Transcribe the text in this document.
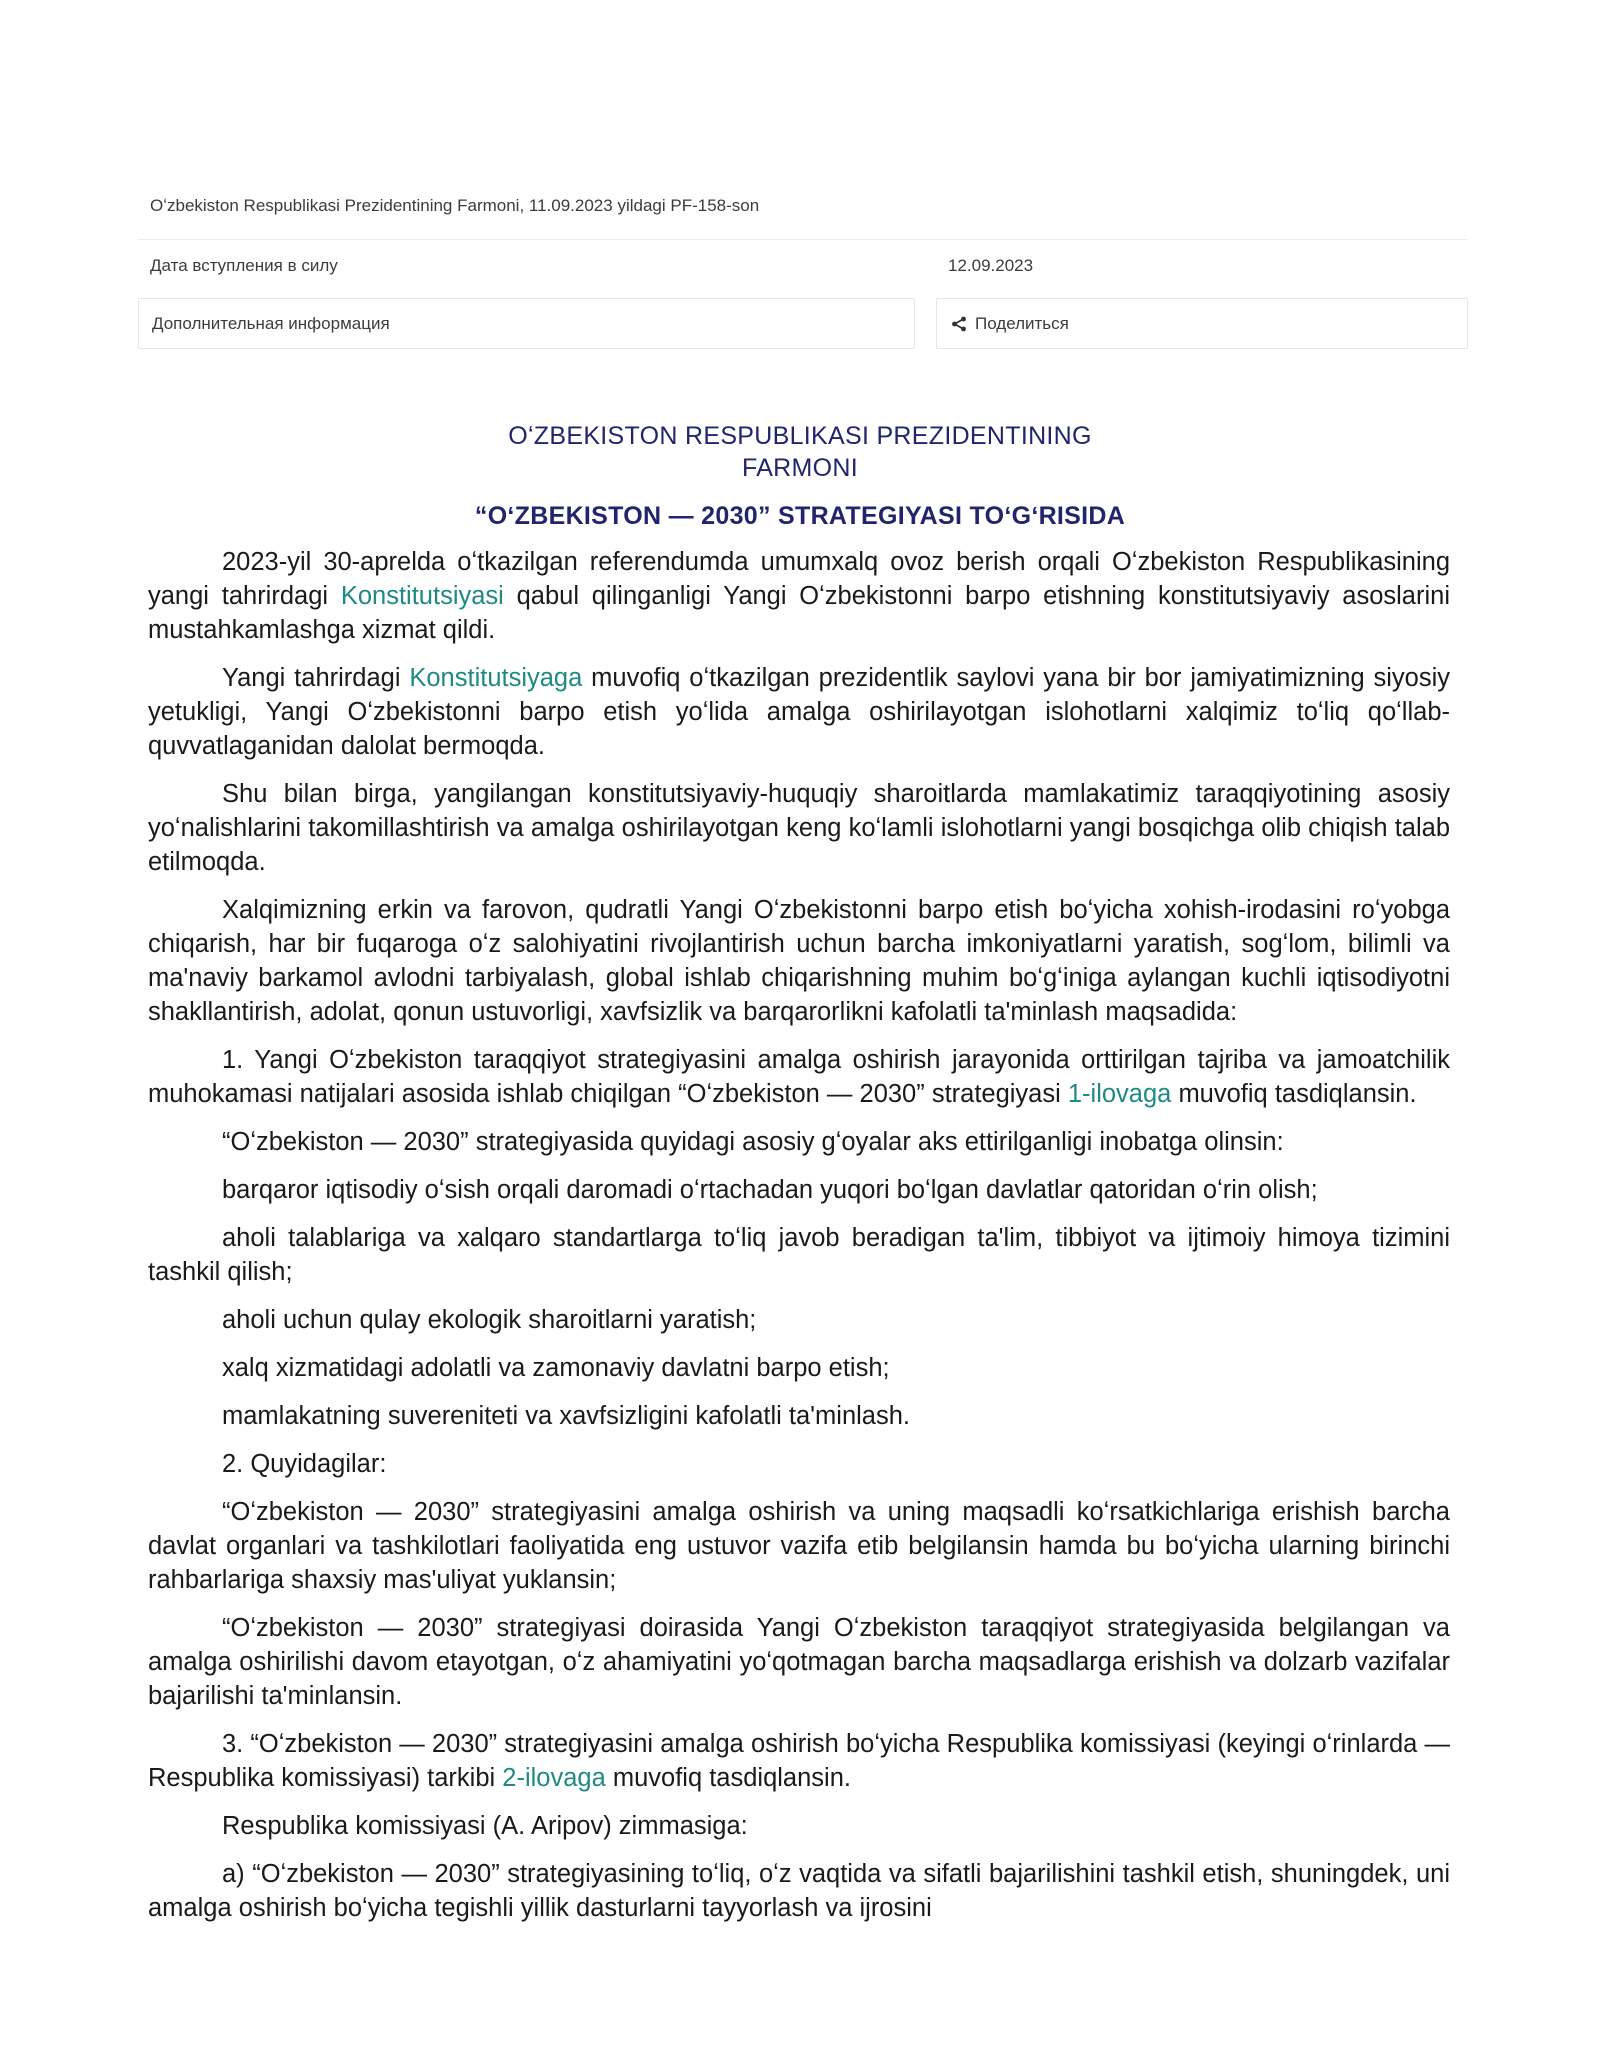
Oʻzbekiston Respublikasi Prezidentining Farmoni, 11.09.2023 yildagi PF-158-son
Дата вступления в силу	12.09.2023
Дополнительная информация	Поделиться
OʻZBEKISTON RESPUBLIKASI PREZIDENTINING
FARMONI
“OʻZBEKISTON — 2030” STRATEGIYASI TOʻGʻRISIDA

2023-yil 30-aprelda oʻtkazilgan referendumda umumxalq ovoz berish orqali Oʻzbekiston Respublikasining yangi tahrirdagi Konstitutsiyasi qabul qilinganligi Yangi Oʻzbekistonni barpo etishning konstitutsiyaviy asoslarini mustahkamlashga xizmat qildi.

Yangi tahrirdagi Konstitutsiyaga muvofiq oʻtkazilgan prezidentlik saylovi yana bir bor jamiyatimizning siyosiy yetukligi, Yangi Oʻzbekistonni barpo etish yoʻlida amalga oshirilayotgan islohotlarni xalqimiz toʻliq qoʻllab-quvvatlaganidan dalolat bermoqda.

Shu bilan birga, yangilangan konstitutsiyaviy-huquqiy sharoitlarda mamlakatimiz taraqqiyotining asosiy yoʻnalishlarini takomillashtirish va amalga oshirilayotgan keng koʻlamli islohotlarni yangi bosqichga olib chiqish talab etilmoqda.

Xalqimizning erkin va farovon, qudratli Yangi Oʻzbekistonni barpo etish boʻyicha xohish-irodasini roʻyobga chiqarish, har bir fuqaroga oʻz salohiyatini rivojlantirish uchun barcha imkoniyatlarni yaratish, sogʻlom, bilimli va ma'naviy barkamol avlodni tarbiyalash, global ishlab chiqarishning muhim boʻgʻiniga aylangan kuchli iqtisodiyotni shakllantirish, adolat, qonun ustuvorligi, xavfsizlik va barqarorlikni kafolatli ta'minlash maqsadida:

1. Yangi Oʻzbekiston taraqqiyot strategiyasini amalga oshirish jarayonida orttirilgan tajriba va jamoatchilik muhokamasi natijalari asosida ishlab chiqilgan “Oʻzbekiston — 2030” strategiyasi 1-ilovaga muvofiq tasdiqlansin.

“Oʻzbekiston — 2030” strategiyasida quyidagi asosiy gʻoyalar aks ettirilganligi inobatga olinsin:

barqaror iqtisodiy oʻsish orqali daromadi oʻrtachadan yuqori boʻlgan davlatlar qatoridan oʻrin olish;

aholi talablariga va xalqaro standartlarga toʻliq javob beradigan ta'lim, tibbiyot va ijtimoiy himoya tizimini tashkil qilish;

aholi uchun qulay ekologik sharoitlarni yaratish;

xalq xizmatidagi adolatli va zamonaviy davlatni barpo etish;

mamlakatning suvereniteti va xavfsizligini kafolatli ta'minlash.

2. Quyidagilar:

“Oʻzbekiston — 2030” strategiyasini amalga oshirish va uning maqsadli koʻrsatkichlariga erishish barcha davlat organlari va tashkilotlari faoliyatida eng ustuvor vazifa etib belgilansin hamda bu boʻyicha ularning birinchi rahbarlariga shaxsiy mas'uliyat yuklansin;

“Oʻzbekiston — 2030” strategiyasi doirasida Yangi Oʻzbekiston taraqqiyot strategiyasida belgilangan va amalga oshirilishi davom etayotgan, oʻz ahamiyatini yoʻqotmagan barcha maqsadlarga erishish va dolzarb vazifalar bajarilishi ta'minlansin.

3. “Oʻzbekiston — 2030” strategiyasini amalga oshirish boʻyicha Respublika komissiyasi (keyingi oʻrinlarda — Respublika komissiyasi) tarkibi 2-ilovaga muvofiq tasdiqlansin.

Respublika komissiyasi (A. Aripov) zimmasiga:

a) “Oʻzbekiston — 2030” strategiyasining toʻliq, oʻz vaqtida va sifatli bajarilishini tashkil etish, shuningdek, uni amalga oshirish boʻyicha tegishli yillik dasturlarni tayyorlash va ijrosini
